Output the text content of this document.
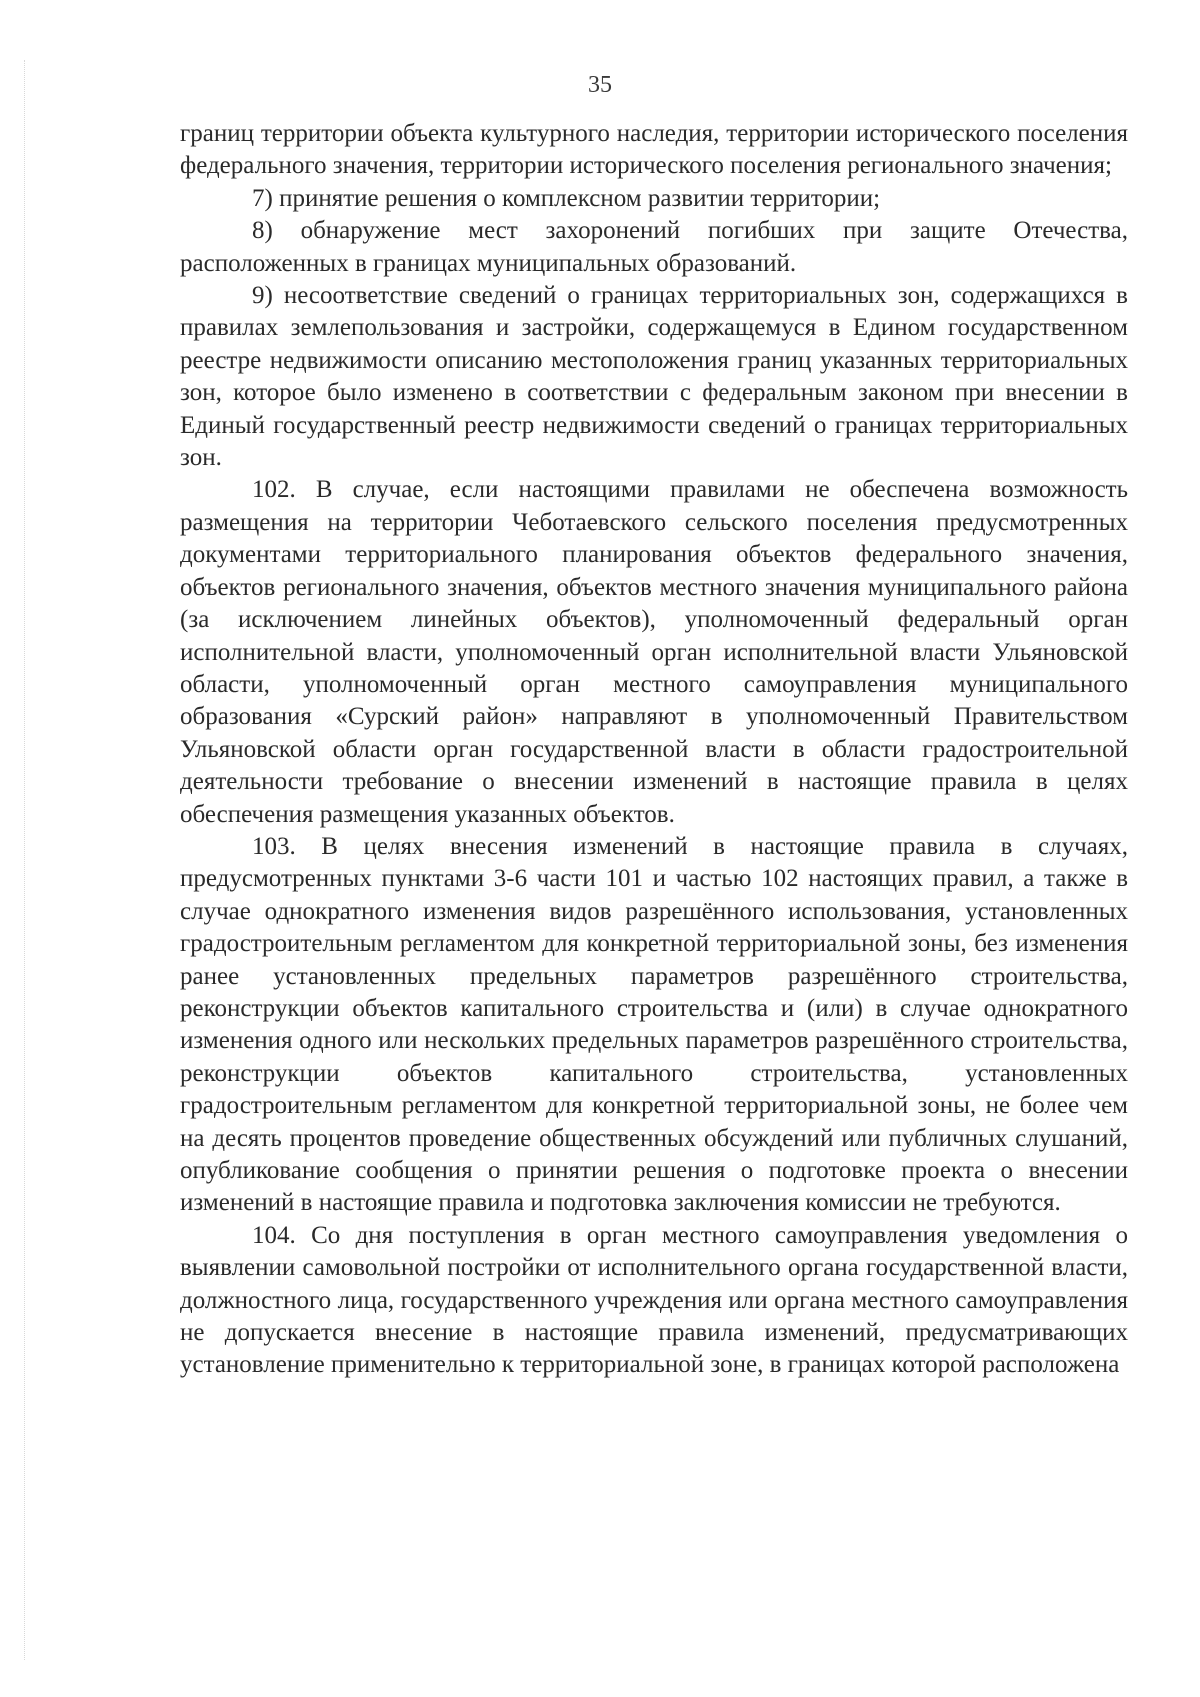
35

границ территории объекта культурного наследия, территории исторического поселения федерального значения, территории исторического поселения регионального значения;

7) принятие решения о комплексном развитии территории;

8) обнаружение мест захоронений погибших при защите Отечества, расположенных в границах муниципальных образований.

9) несоответствие сведений о границах территориальных зон, содержащихся в правилах землепользования и застройки, содержащемуся в Едином государственном реестре недвижимости описанию местоположения границ указанных территориальных зон, которое было изменено в соответствии с федеральным законом при внесении в Единый государственный реестр недвижимости сведений о границах территориальных зон.

102. В случае, если настоящими правилами не обеспечена возможность размещения на территории Чеботаевского сельского поселения предусмотренных документами территориального планирования объектов федерального значения, объектов регионального значения, объектов местного значения муниципального района (за исключением линейных объектов), уполномоченный федеральный орган исполнительной власти, уполномоченный орган исполнительной власти Ульяновской области, уполномоченный орган местного самоуправления муниципального образования «Сурский район» направляют в уполномоченный Правительством Ульяновской области орган государственной власти в области градостроительной деятельности требование о внесении изменений в настоящие правила в целях обеспечения размещения указанных объектов.

103. В целях внесения изменений в настоящие правила в случаях, предусмотренных пунктами 3-6 части 101 и частью 102 настоящих правил, а также в случае однократного изменения видов разрешённого использования, установленных градостроительным регламентом для конкретной территориальной зоны, без изменения ранее установленных предельных параметров разрешённого строительства, реконструкции объектов капитального строительства и (или) в случае однократного изменения одного или нескольких предельных параметров разрешённого строительства, реконструкции объектов капитального строительства, установленных градостроительным регламентом для конкретной территориальной зоны, не более чем на десять процентов проведение общественных обсуждений или публичных слушаний, опубликование сообщения о принятии решения о подготовке проекта о внесении изменений в настоящие правила и подготовка заключения комиссии не требуются.

104. Со дня поступления в орган местного самоуправления уведомления о выявлении самовольной постройки от исполнительного органа государственной власти, должностного лица, государственного учреждения или органа местного самоуправления не допускается внесение в настоящие правила изменений, предусматривающих установление применительно к территориальной зоне, в границах которой расположена
